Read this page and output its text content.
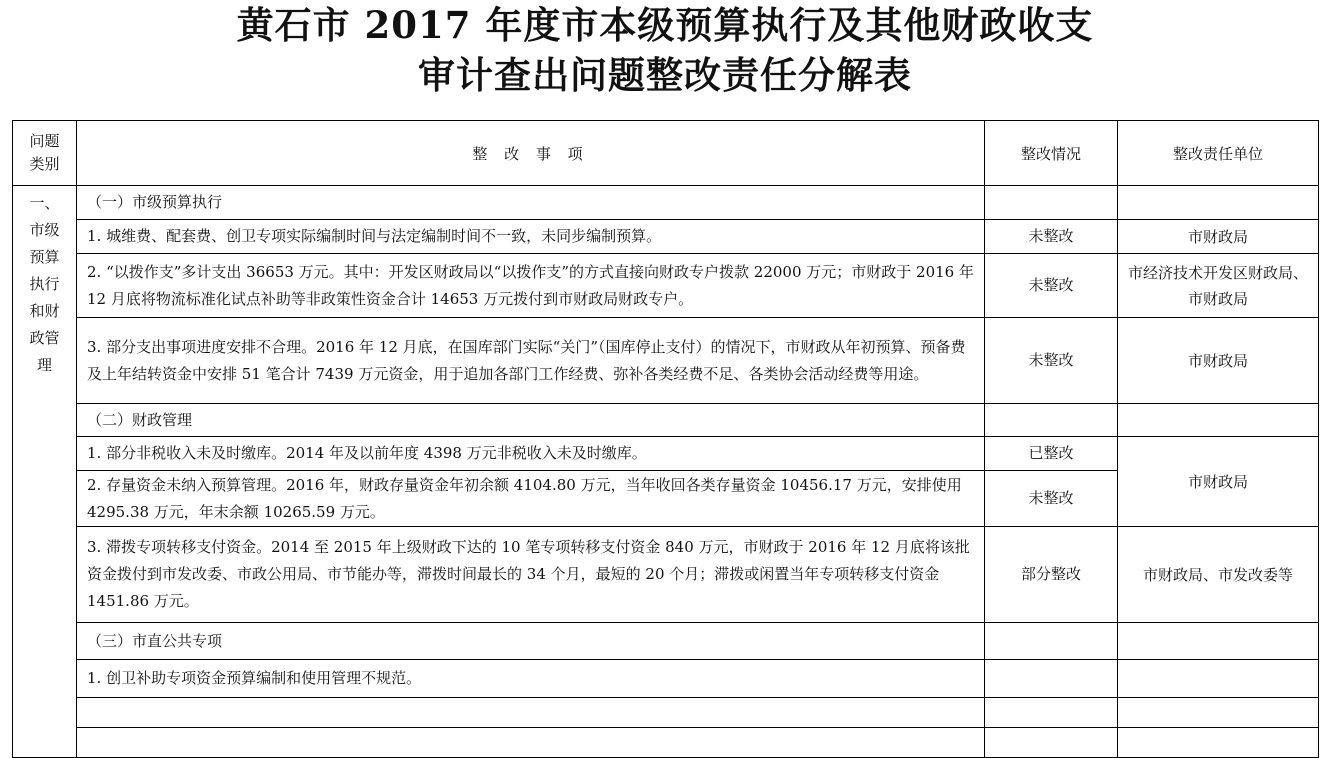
黄石市 2017 年度市本级预算执行及其他财政收支
审计查出问题整改责任分解表
问题类别	整 改 事 项	整改情况	整改责任单位
一、市级预算执行和财政管理	（一）市级预算执行		
	1. 城维费、配套费、创卫专项实际编制时间与法定编制时间不一致，未同步编制预算。	未整改	市财政局
	2. “以拨作支”多计支出 36653 万元。其中：开发区财政局以“以拨作支”的方式直接向财政专户拨款 22000 万元；市财政于 2016 年 12 月底将物流标准化试点补助等非政策性资金合计 14653 万元拨付到市财政局财政专户。	未整改	市经济技术开发区财政局、市财政局
	3. 部分支出事项进度安排不合理。2016 年 12 月底，在国库部门实际“关门”（国库停止支付）的情况下，市财政从年初预算、预备费及上年结转资金中安排 51 笔合计 7439 万元资金，用于追加各部门工作经费、弥补各类经费不足、各类协会活动经费等用途。	未整改	市财政局
	（二）财政管理		
	1. 部分非税收入未及时缴库。2014 年及以前年度 4398 万元非税收入未及时缴库。	已整改	市财政局
	2. 存量资金未纳入预算管理。2016 年，财政存量资金年初余额 4104.80 万元，当年收回各类存量资金 10456.17 万元，安排使用 4295.38 万元，年末余额 10265.59 万元。	未整改	
	3. 滞拨专项转移支付资金。2014 至 2015 年上级财政下达的 10 笔专项转移支付资金 840 万元，市财政于 2016 年 12 月底将该批资金拨付到市发改委、市政公用局、市节能办等，滞拨时间最长的 34 个月，最短的 20 个月；滞拨或闲置当年专项转移支付资金 1451.86 万元。	部分整改	市财政局、市发改委等
	（三）市直公共专项		
	1. 创卫补助专项资金预算编制和使用管理不规范。		
